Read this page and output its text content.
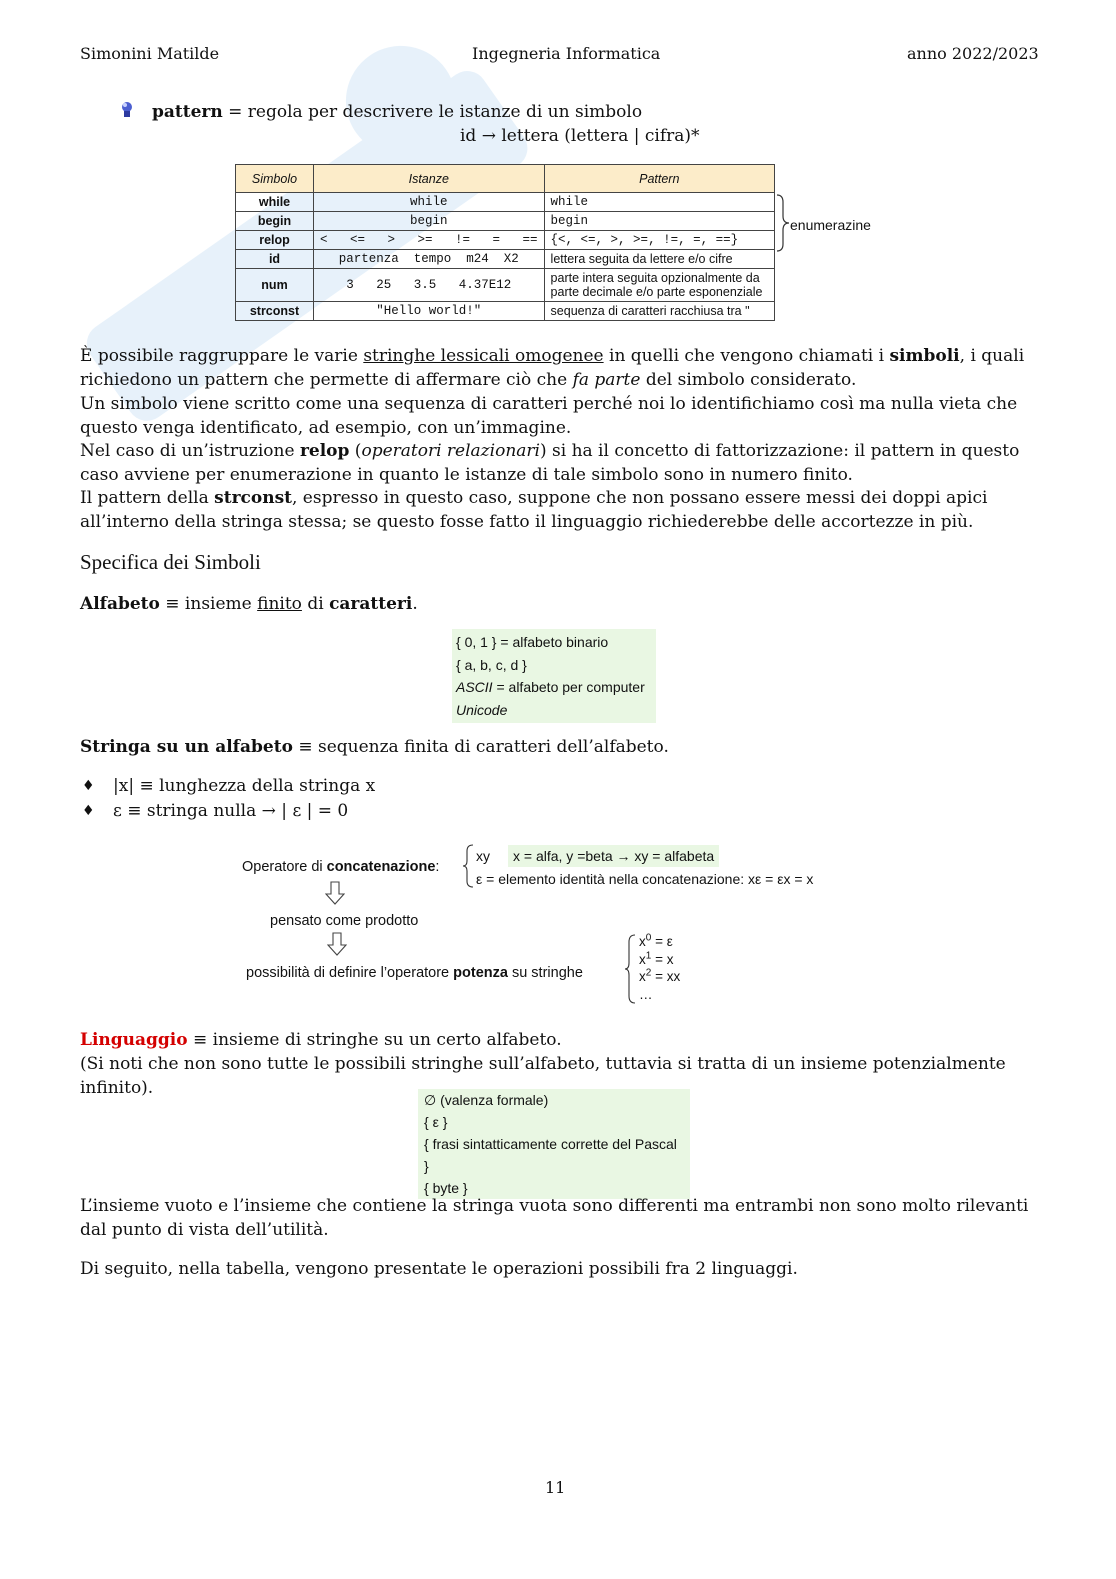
Simonini Matilde	Ingegneria Informatica	anno 2022/2023
pattern = regola per descrivere le istanze di un simbolo
id → lettera (lettera | cifra)*
Simbolo	Istanze	Pattern
while	while	while
begin	begin	begin
relop	<   <=   >   >=   !=   =   ==	{<, <=, >, >=, !=, =, ==}
id	partenza  tempo  m24  X2	lettera seguita da lettere e/o cifre
num	3   25   3.5   4.37E12	parte intera seguita opzionalmente da parte decimale e/o parte esponenziale
strconst	"Hello world!"	sequenza di caratteri racchiusa tra "
enumerazine
È possibile raggruppare le varie stringhe lessicali omogenee in quelli che vengono chiamati i simboli, i quali richiedono un pattern che permette di affermare ciò che fa parte del simbolo considerato.
Un simbolo viene scritto come una sequenza di caratteri perché noi lo identifichiamo così ma nulla vieta che questo venga identificato, ad esempio, con un’immagine.
Nel caso di un’istruzione relop (operatori relazionari) si ha il concetto di fattorizzazione: il pattern in questo caso avviene per enumerazione in quanto le istanze di tale simbolo sono in numero finito.
Il pattern della strconst, espresso in questo caso, suppone che non possano essere messi dei doppi apici all’interno della stringa stessa; se questo fosse fatto il linguaggio richiederebbe delle accortezze in più.
Specifica dei Simboli
Alfabeto ≡ insieme finito di caratteri.
{ 0, 1 } = alfabeto binario
{ a, b, c, d }
ASCII = alfabeto per computer
Unicode
Stringa su un alfabeto ≡ sequenza finita di caratteri dell’alfabeto.
♦ |x| ≡ lunghezza della stringa x
♦ ε ≡ stringa nulla → | ε | = 0
Operatore di concatenazione:
xy	x = alfa, y =beta → xy = alfabeta
ε = elemento identità nella concatenazione: xε = εx = x
pensato come prodotto
possibilità di definire l’operatore potenza su stringhe
$x^0 = \varepsilon$
$x^1 = x$
$x^2$ = xx
…
Linguaggio ≡ insieme di stringhe su un certo alfabeto.
(Si noti che non sono tutte le possibili stringhe sull’alfabeto, tuttavia si tratta di un insieme potenzialmente infinito).
∅ (valenza formale)
{ ε }
{ frasi sintatticamente corrette del Pascal }
{ byte }
L’insieme vuoto e l’insieme che contiene la stringa vuota sono differenti ma entrambi non sono molto rilevanti dal punto di vista dell’utilità.
Di seguito, nella tabella, vengono presentate le operazioni possibili fra 2 linguaggi.
11
